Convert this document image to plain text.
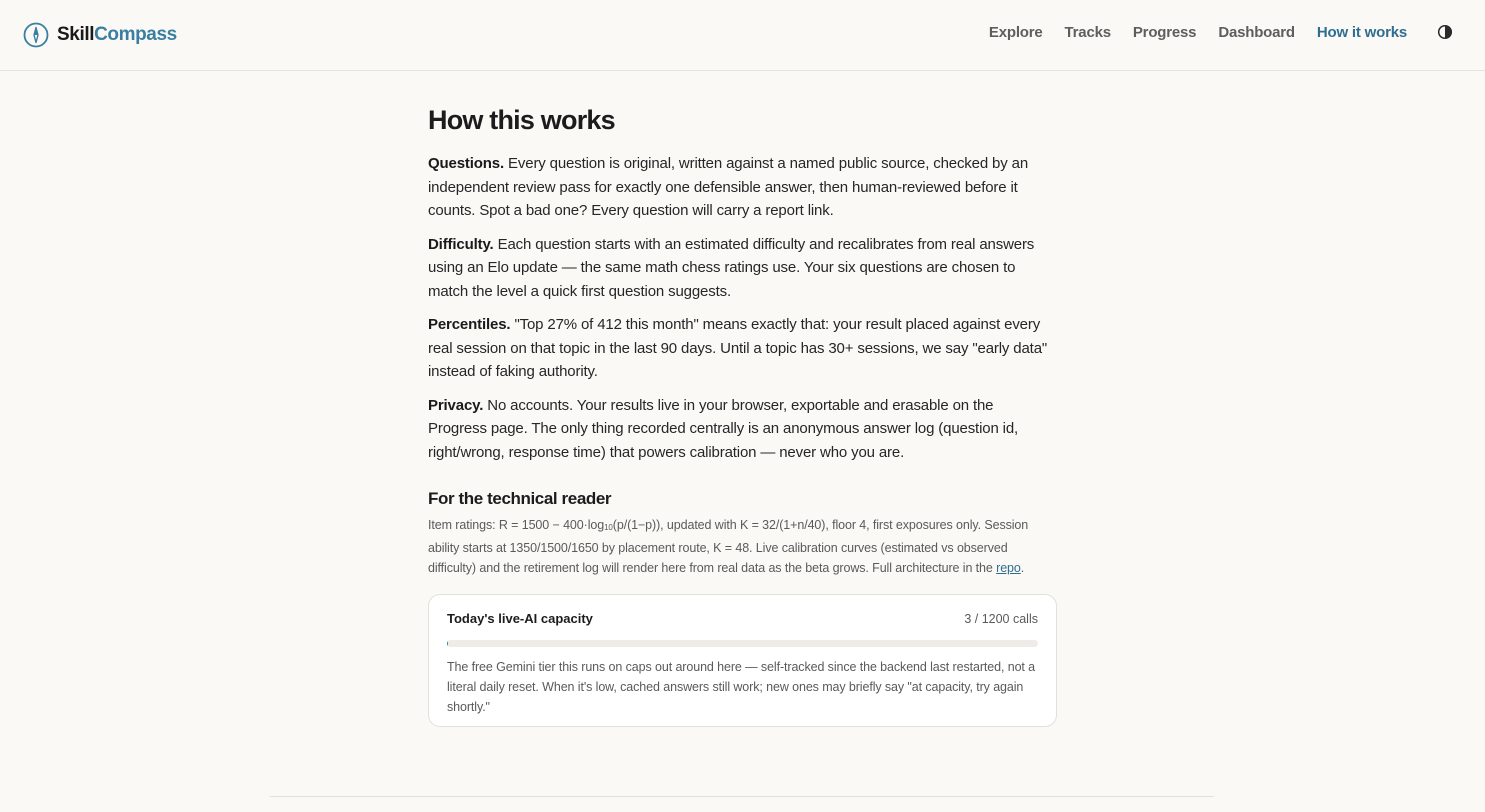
SkillCompass	Explore Tracks Progress Dashboard How it works
How this works

Questions. Every question is original, written against a named public source, checked by an independent review pass for exactly one defensible answer, then human-reviewed before it counts. Spot a bad one? Every question will carry a report link.

Difficulty. Each question starts with an estimated difficulty and recalibrates from real answers using an Elo update — the same math chess ratings use. Your six questions are chosen to match the level a quick first question suggests.

Percentiles. "Top 27% of 412 this month" means exactly that: your result placed against every real session on that topic in the last 90 days. Until a topic has 30+ sessions, we say "early data" instead of faking authority.

Privacy. No accounts. Your results live in your browser, exportable and erasable on the Progress page. The only thing recorded centrally is an anonymous answer log (question id, right/wrong, response time) that powers calibration — never who you are.

For the technical reader

Item ratings: $R = 1500 - 400\cdot\log_{10}(p/(1-p))$, updated with K = 32/(1+n/40), floor 4, first exposures only. Session ability starts at 1350/1500/1650 by placement route, K = 48. Live calibration curves (estimated vs observed difficulty) and the retirement log will render here from real data as the beta grows. Full architecture in the repo.

Today's live-AI capacity	3 / 1200 calls

The free Gemini tier this runs on caps out around here — self-tracked since the backend last restarted, not a literal daily reset. When it's low, cached answers still work; new ones may briefly say "at capacity, try again shortly."
